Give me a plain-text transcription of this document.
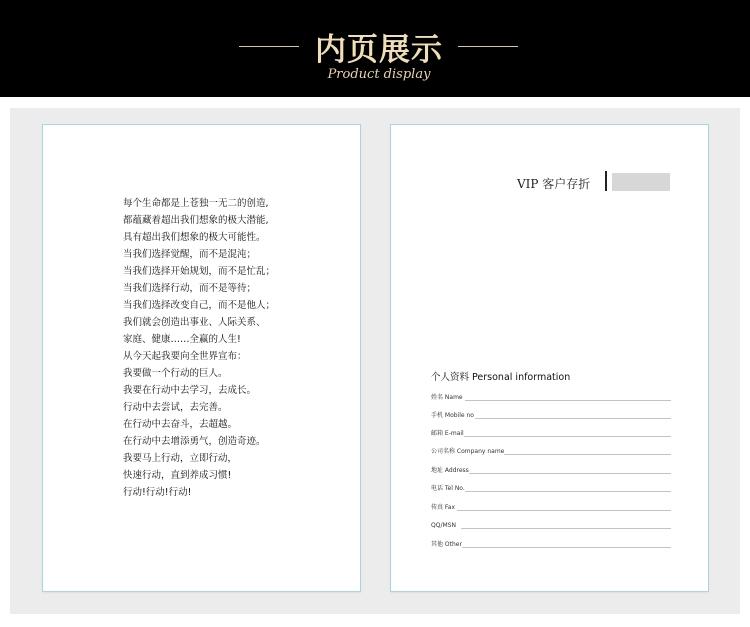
内页展示
Product display
每个生命都是上苍独一无二的创造,
都蕴藏着超出我们想象的极大潜能,
具有超出我们想象的极大可能性。
当我们选择觉醒，而不是混沌；
当我们选择开始规划，而不是忙乱；
当我们选择行动，而不是等待；
当我们选择改变自己，而不是他人；
我们就会创造出事业、人际关系、
家庭、健康……全赢的人生!
从今天起我要向全世界宣布：
我要做一个行动的巨人。
我要在行动中去学习，去成长。
行动中去尝试，去完善。
在行动中去奋斗，去超越。
在行动中去增添勇气，创造奇迹。
我要马上行动，立即行动，
快速行动，直到养成习惯!
行动!行动!行动!
VIP 客户存折
个人资料 Personal information
姓名 Name
手机 Mobile no
邮箱 E-mail
公司名称 Company name
地址 Address
电话 Tel No.
传真 Fax
QQ/MSN
其他 Other
